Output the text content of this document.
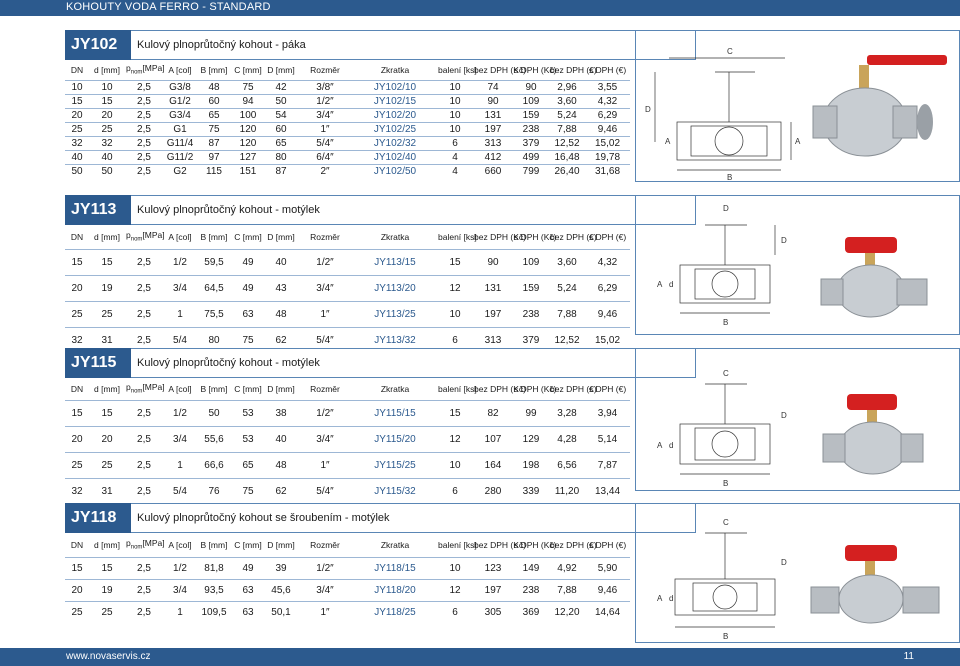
KOHOUTY VODA FERRO - STANDARD
JY102	Kulový plnoprůtočný kohout - páka
DN	d [mm]	$p_{nom}[MPa]$	A [col]	B [mm]	C [mm]	D [mm]	Rozměr	Zkratka	balení [ks]	bez DPH (Kč)	s DPH (Kč)	bez DPH (€)	s DPH (€)
10	10	2,5	G3/8	48	75	42	3/8″	JY102/10	10	74	90	2,96	3,55
15	15	2,5	G1/2	60	94	50	1/2″	JY102/15	10	90	109	3,60	4,32
20	20	2,5	G3/4	65	100	54	3/4″	JY102/20	10	131	159	5,24	6,29
25	25	2,5	G1	75	120	60	1″	JY102/25	10	197	238	7,88	9,46
32	32	2,5	G11/4	87	120	65	5/4″	JY102/32	6	313	379	12,52	15,02
40	40	2,5	G11/2	97	127	80	6/4″	JY102/40	4	412	499	16,48	19,78
50	50	2,5	G2	115	151	87	2″	JY102/50	4	660	799	26,40	31,68
JY113	Kulový plnoprůtočný kohout - motýlek
DN	d [mm]	$p_{nom}[MPa]$	A [col]	B [mm]	C [mm]	D [mm]	Rozměr	Zkratka	balení [ks]	bez DPH (Kč)	s DPH (Kč)	bez DPH (€)	s DPH (€)
15	15	2,5	1/2	59,5	49	40	1/2″	JY113/15	15	90	109	3,60	4,32
20	19	2,5	3/4	64,5	49	43	3/4″	JY113/20	12	131	159	5,24	6,29
25	25	2,5	1	75,5	63	48	1″	JY113/25	10	197	238	7,88	9,46
32	31	2,5	5/4	80	75	62	5/4″	JY113/32	6	313	379	12,52	15,02
JY115	Kulový plnoprůtočný kohout - motýlek
DN	d [mm]	$p_{nom}[MPa]$	A [col]	B [mm]	C [mm]	D [mm]	Rozměr	Zkratka	balení [ks]	bez DPH (Kč)	s DPH (Kč)	bez DPH (€)	s DPH (€)
15	15	2,5	1/2	50	53	38	1/2″	JY115/15	15	82	99	3,28	3,94
20	20	2,5	3/4	55,6	53	40	3/4″	JY115/20	12	107	129	4,28	5,14
25	25	2,5	1	66,6	65	48	1″	JY115/25	10	164	198	6,56	7,87
32	31	2,5	5/4	76	75	62	5/4″	JY115/32	6	280	339	11,20	13,44
JY118	Kulový plnoprůtočný kohout se šroubením - motýlek
DN	d [mm]	$p_{nom}[MPa]$	A [col]	B [mm]	C [mm]	D [mm]	Rozměr	Zkratka	balení [ks]	bez DPH (Kč)	s DPH (Kč)	bez DPH (€)	s DPH (€)
15	15	2,5	1/2	81,8	49	39	1/2″	JY118/15	10	123	149	4,92	5,90
20	19	2,5	3/4	93,5	63	45,6	3/4″	JY118/20	12	197	238	7,88	9,46
25	25	2,5	1	109,5	63	50,1	1″	JY118/25	6	305	369	12,20	14,64
D
C
A	A
B
D
D
A d
B
C
D
A d
B
C
D
A d
B
www.novaservis.cz	11
